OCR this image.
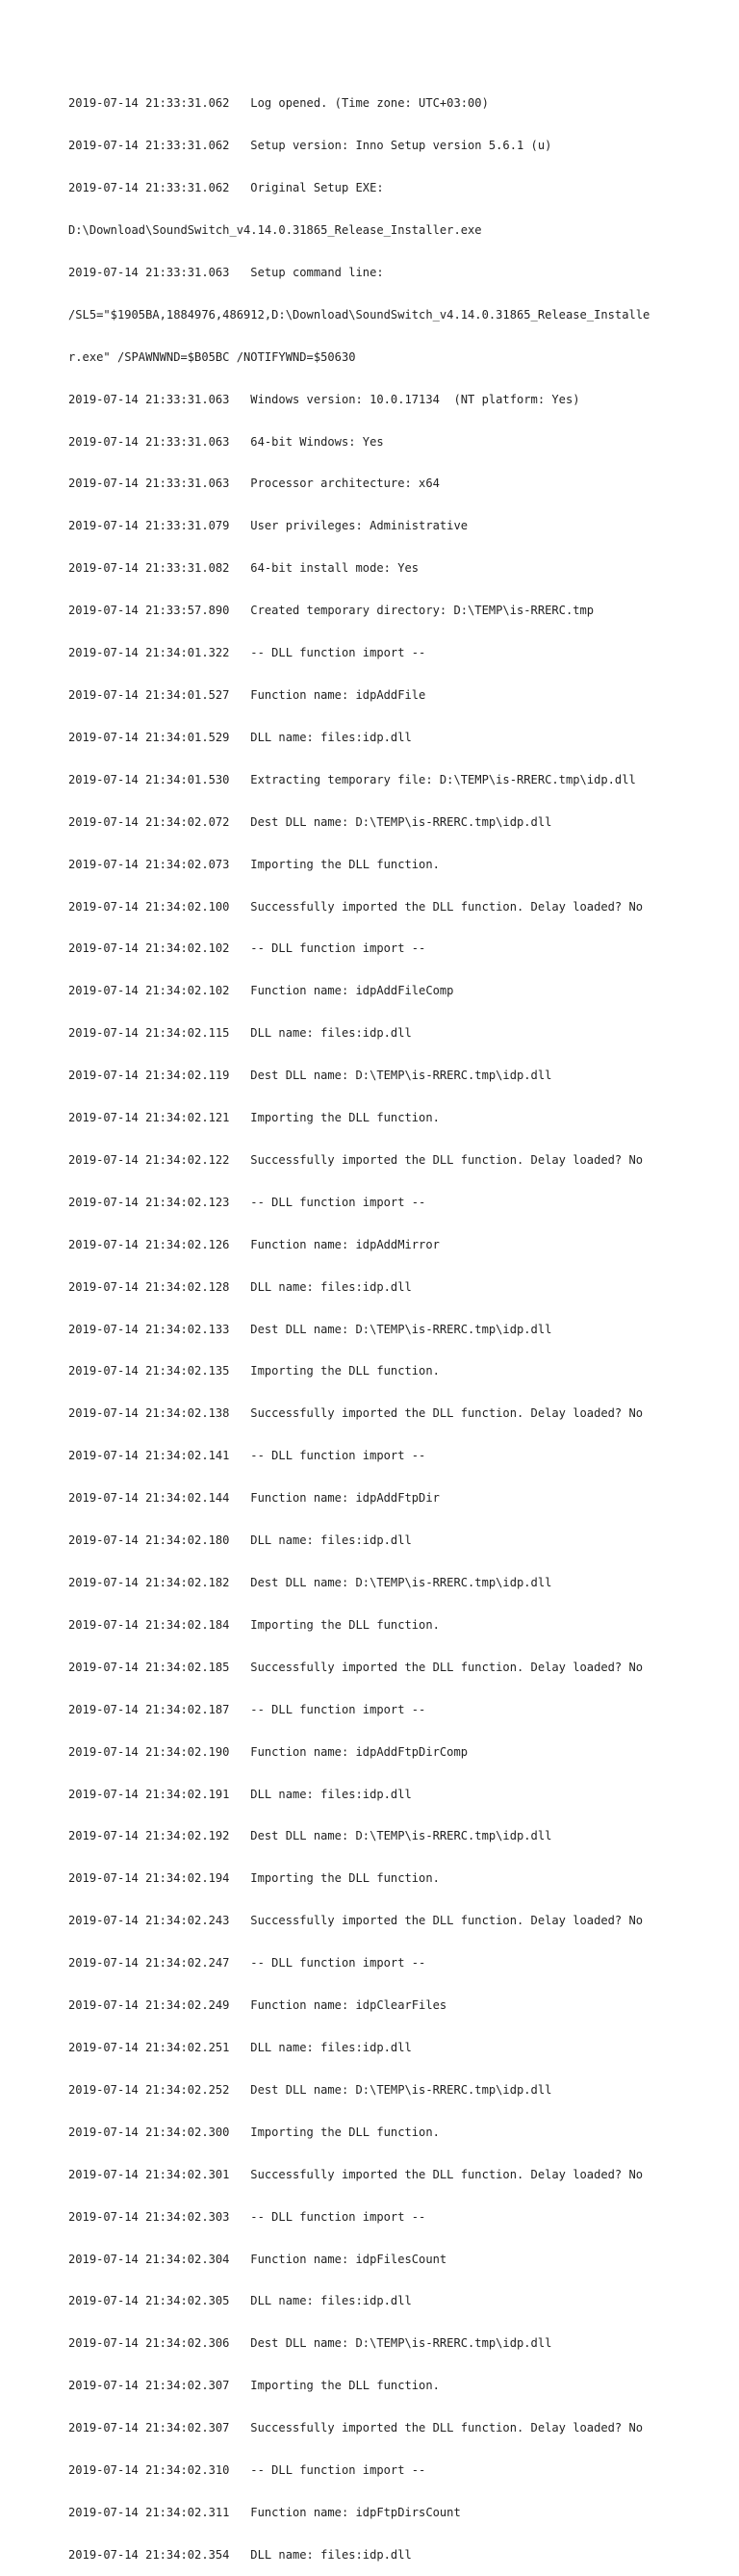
2019-07-14 21:33:31.062   Log opened. (Time zone: UTC+03:00)

2019-07-14 21:33:31.062   Setup version: Inno Setup version 5.6.1 (u)

2019-07-14 21:33:31.062   Original Setup EXE:

D:\Download\SoundSwitch_v4.14.0.31865_Release_Installer.exe

2019-07-14 21:33:31.063   Setup command line:

/SL5="$1905BA,1884976,486912,D:\Download\SoundSwitch_v4.14.0.31865_Release_Installe

r.exe" /SPAWNWND=$B05BC /NOTIFYWND=$50630

2019-07-14 21:33:31.063   Windows version: 10.0.17134  (NT platform: Yes)

2019-07-14 21:33:31.063   64-bit Windows: Yes

2019-07-14 21:33:31.063   Processor architecture: x64

2019-07-14 21:33:31.079   User privileges: Administrative

2019-07-14 21:33:31.082   64-bit install mode: Yes

2019-07-14 21:33:57.890   Created temporary directory: D:\TEMP\is-RRERC.tmp

2019-07-14 21:34:01.322   -- DLL function import --

2019-07-14 21:34:01.527   Function name: idpAddFile

2019-07-14 21:34:01.529   DLL name: files:idp.dll

2019-07-14 21:34:01.530   Extracting temporary file: D:\TEMP\is-RRERC.tmp\idp.dll

2019-07-14 21:34:02.072   Dest DLL name: D:\TEMP\is-RRERC.tmp\idp.dll

2019-07-14 21:34:02.073   Importing the DLL function.

2019-07-14 21:34:02.100   Successfully imported the DLL function. Delay loaded? No

2019-07-14 21:34:02.102   -- DLL function import --

2019-07-14 21:34:02.102   Function name: idpAddFileComp

2019-07-14 21:34:02.115   DLL name: files:idp.dll

2019-07-14 21:34:02.119   Dest DLL name: D:\TEMP\is-RRERC.tmp\idp.dll

2019-07-14 21:34:02.121   Importing the DLL function.

2019-07-14 21:34:02.122   Successfully imported the DLL function. Delay loaded? No

2019-07-14 21:34:02.123   -- DLL function import --

2019-07-14 21:34:02.126   Function name: idpAddMirror

2019-07-14 21:34:02.128   DLL name: files:idp.dll

2019-07-14 21:34:02.133   Dest DLL name: D:\TEMP\is-RRERC.tmp\idp.dll

2019-07-14 21:34:02.135   Importing the DLL function.

2019-07-14 21:34:02.138   Successfully imported the DLL function. Delay loaded? No

2019-07-14 21:34:02.141   -- DLL function import --

2019-07-14 21:34:02.144   Function name: idpAddFtpDir

2019-07-14 21:34:02.180   DLL name: files:idp.dll

2019-07-14 21:34:02.182   Dest DLL name: D:\TEMP\is-RRERC.tmp\idp.dll

2019-07-14 21:34:02.184   Importing the DLL function.

2019-07-14 21:34:02.185   Successfully imported the DLL function. Delay loaded? No

2019-07-14 21:34:02.187   -- DLL function import --

2019-07-14 21:34:02.190   Function name: idpAddFtpDirComp

2019-07-14 21:34:02.191   DLL name: files:idp.dll

2019-07-14 21:34:02.192   Dest DLL name: D:\TEMP\is-RRERC.tmp\idp.dll

2019-07-14 21:34:02.194   Importing the DLL function.

2019-07-14 21:34:02.243   Successfully imported the DLL function. Delay loaded? No

2019-07-14 21:34:02.247   -- DLL function import --

2019-07-14 21:34:02.249   Function name: idpClearFiles

2019-07-14 21:34:02.251   DLL name: files:idp.dll

2019-07-14 21:34:02.252   Dest DLL name: D:\TEMP\is-RRERC.tmp\idp.dll

2019-07-14 21:34:02.300   Importing the DLL function.

2019-07-14 21:34:02.301   Successfully imported the DLL function. Delay loaded? No

2019-07-14 21:34:02.303   -- DLL function import --

2019-07-14 21:34:02.304   Function name: idpFilesCount

2019-07-14 21:34:02.305   DLL name: files:idp.dll

2019-07-14 21:34:02.306   Dest DLL name: D:\TEMP\is-RRERC.tmp\idp.dll

2019-07-14 21:34:02.307   Importing the DLL function.

2019-07-14 21:34:02.307   Successfully imported the DLL function. Delay loaded? No

2019-07-14 21:34:02.310   -- DLL function import --

2019-07-14 21:34:02.311   Function name: idpFtpDirsCount

2019-07-14 21:34:02.354   DLL name: files:idp.dll
